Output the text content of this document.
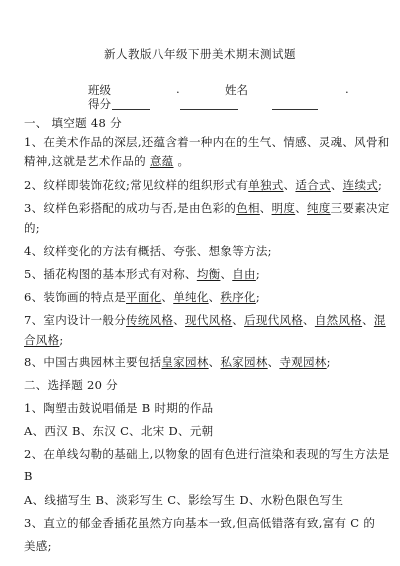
新人教版八年级下册美术期末测试题
班级	.	姓名	.
得分
一、 填空题 48 分
1、在美术作品的深层,还蕴含着一种内在的生气、情感、灵魂、风骨和
精神,这就是艺术作品的 意蕴 。
2、纹样即装饰花纹;常见纹样的组织形式有单独式、适合式、连续式;
3、纹样色彩搭配的成功与否,是由色彩的色相、明度、纯度三要素决定
的;
4、纹样变化的方法有概括、夸张、想象等方法;
5、插花构图的基本形式有对称、均衡、自由;
6、装饰画的特点是平面化、单纯化、秩序化;
7、室内设计一般分传统风格、现代风格、后现代风格、自然风格、混
合风格;
8、中国古典园林主要包括皇家园林、私家园林、寺观园林;
二、选择题 20 分
1、陶塑击鼓说唱俑是 B 时期的作品
A、西汉 B、东汉 C、北宋 D、元朝
2、在单线勾勒的基础上,以物象的固有色进行渲染和表现的写生方法是
B
A、线描写生 B、淡彩写生 C、影绘写生 D、水粉色限色写生
3、直立的郁金香插花虽然方向基本一致,但高低错落有致,富有 C 的
美感;
